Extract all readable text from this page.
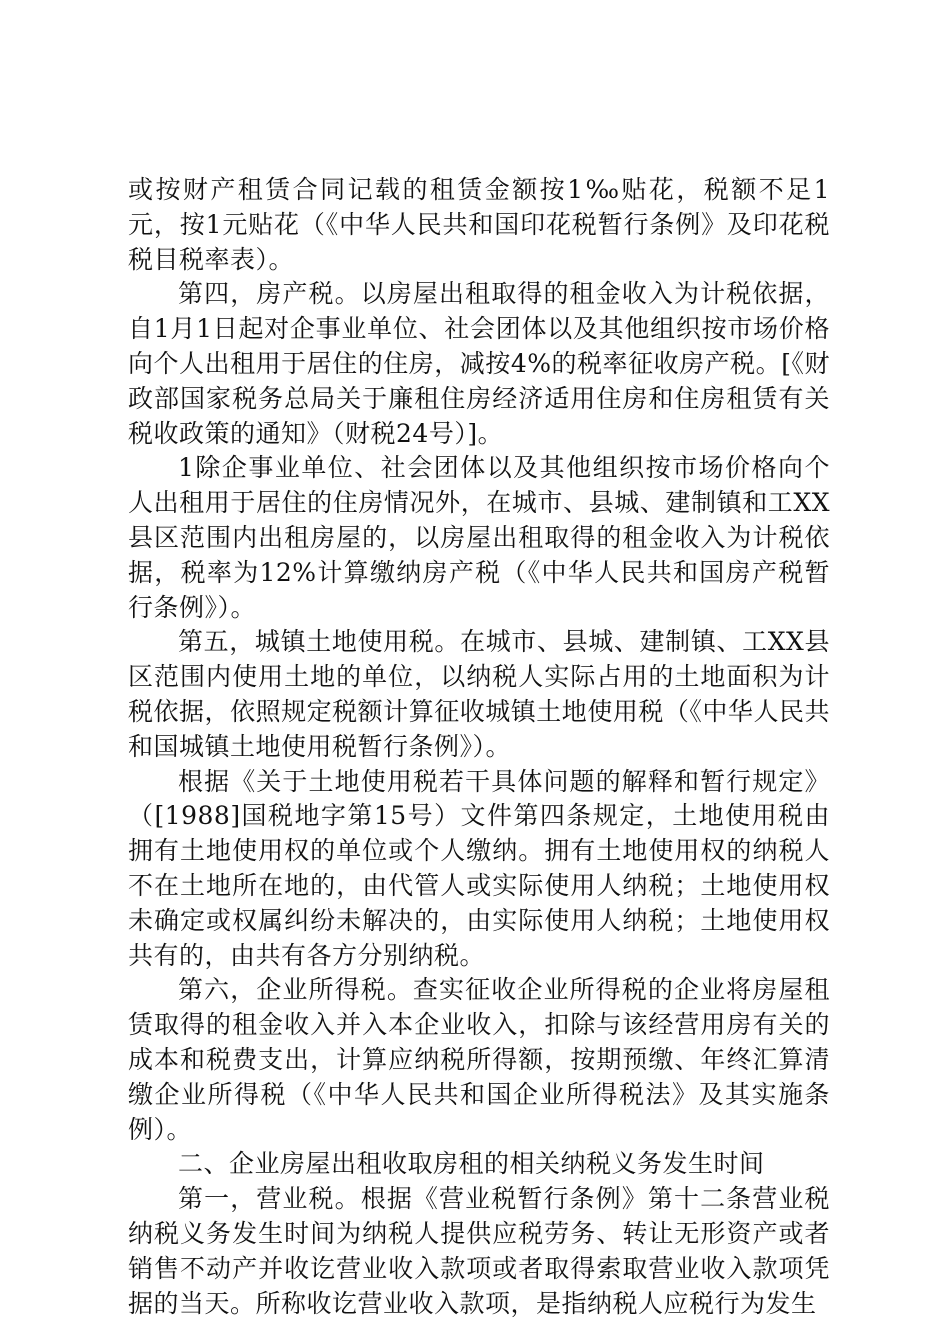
或按财产租赁合同记载的租赁金额按1‰贴花，税额不足1元，按1元贴花（《中华人民共和国印花税暂行条例》及印花税税目税率表）。

第四，房产税。以房屋出租取得的租金收入为计税依据，自1月1日起对企事业单位、社会团体以及其他组织按市场价格向个人出租用于居住的住房，减按4%的税率征收房产税。[《财政部国家税务总局关于廉租住房经济适用住房和住房租赁有关税收政策的通知》（财税24号）]。

1除企事业单位、社会团体以及其他组织按市场价格向个人出租用于居住的住房情况外，在城市、县城、建制镇和工XX县区范围内出租房屋的，以房屋出租取得的租金收入为计税依据，税率为12%计算缴纳房产税（《中华人民共和国房产税暂行条例》）。

第五，城镇土地使用税。在城市、县城、建制镇、工XX县区范围内使用土地的单位，以纳税人实际占用的土地面积为计税依据，依照规定税额计算征收城镇土地使用税（《中华人民共和国城镇土地使用税暂行条例》）。

根据《关于土地使用税若干具体问题的解释和暂行规定》（[1988]国税地字第15号）文件第四条规定，土地使用税由拥有土地使用权的单位或个人缴纳。拥有土地使用权的纳税人不在土地所在地的，由代管人或实际使用人纳税；土地使用权未确定或权属纠纷未解决的，由实际使用人纳税；土地使用权共有的，由共有各方分别纳税。

第六，企业所得税。查实征收企业所得税的企业将房屋租赁取得的租金收入并入本企业收入，扣除与该经营用房有关的成本和税费支出，计算应纳税所得额，按期预缴、年终汇算清缴企业所得税（《中华人民共和国企业所得税法》及其实施条例）。

二、企业房屋出租收取房租的相关纳税义务发生时间

第一，营业税。根据《营业税暂行条例》第十二条营业税纳税义务发生时间为纳税人提供应税劳务、转让无形资产或者销售不动产并收讫营业收入款项或者取得索取营业收入款项凭据的当天。所称收讫营业收入款项，是指纳税人应税行为发生
